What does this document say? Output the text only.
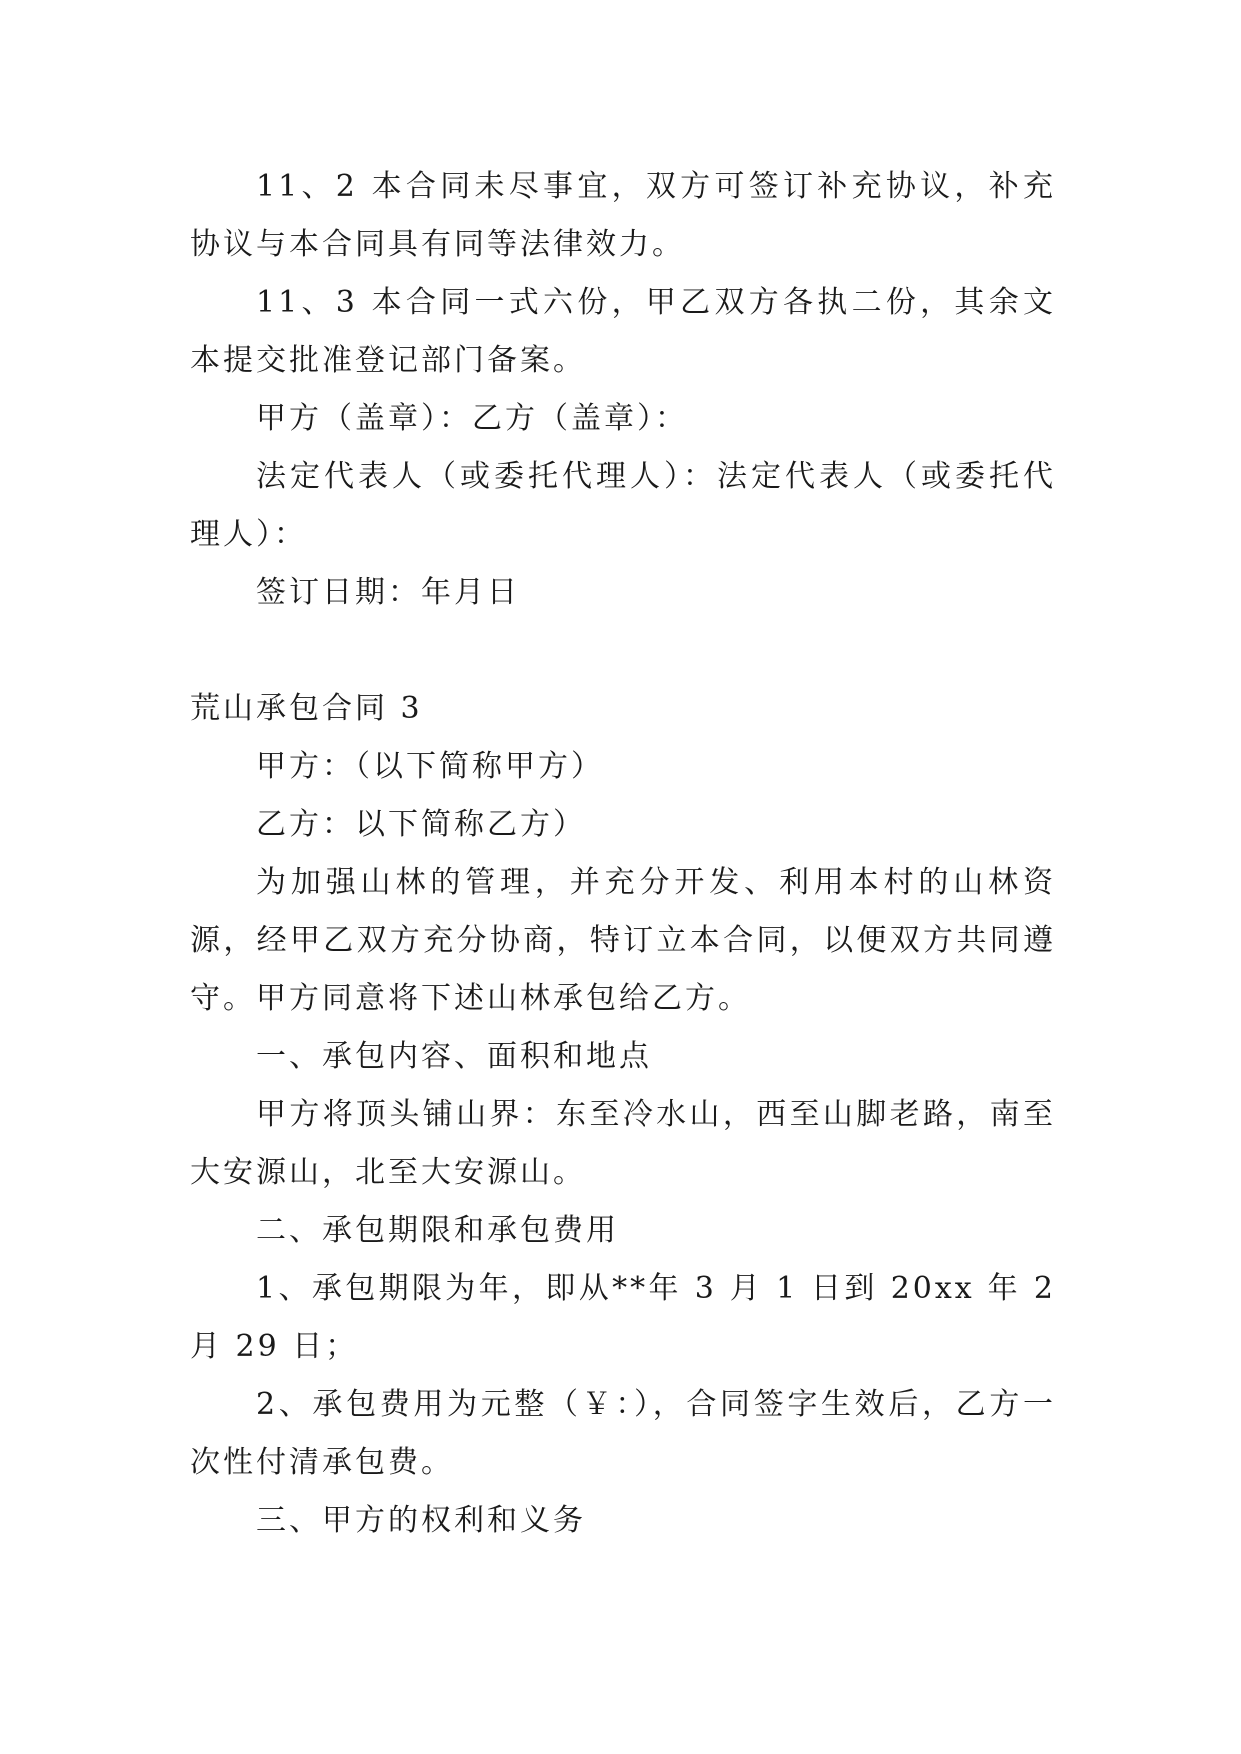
11、2 本合同未尽事宜，双方可签订补充协议，补充协议与本合同具有同等法律效力。

11、3 本合同一式六份，甲乙双方各执二份，其余文本提交批准登记部门备案。

甲方（盖章）：乙方（盖章）：

法定代表人（或委托代理人）：法定代表人（或委托代理人）：

签订日期：年月日

荒山承包合同 3

甲方：（以下简称甲方）

乙方：以下简称乙方）

为加强山林的管理，并充分开发、利用本村的山林资源，经甲乙双方充分协商，特订立本合同，以便双方共同遵守。甲方同意将下述山林承包给乙方。

一、承包内容、面积和地点

甲方将顶头铺山界：东至冷水山，西至山脚老路，南至大安源山，北至大安源山。

二、承包期限和承包费用

1、承包期限为年，即从**年 3 月 1 日到 20xx 年 2 月 29 日；

2、承包费用为元整（￥：），合同签字生效后，乙方一次性付清承包费。

三、甲方的权利和义务
